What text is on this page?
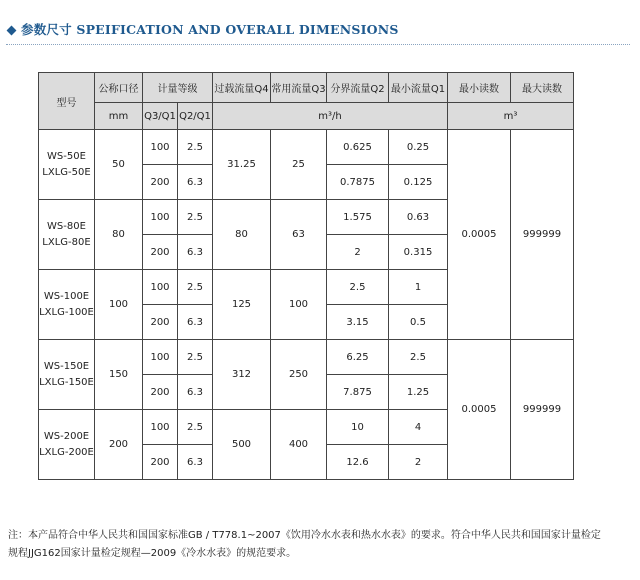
参数尺寸 SPEIFICATION AND OVERALL DIMENSIONS
型号	公称口径	计量等级		过载流量Q4	常用流量Q3	分界流量Q2	最小流量Q1	最小读数	最大读数
	mm	Q3/Q1	Q2/Q1	m³/h				m³	

WS-50E
LXLG-50E	50	100	2.5	31.25	25	0.625	0.25	0.0005	999999
		200	6.3			0.7875	0.125		

WS-80E
LXLG-80E	80	100	2.5	80	63	1.575	0.63		
		200	6.3			2	0.315		

WS-100E
LXLG-100E	100	100	2.5	125	100	2.5	1		
		200	6.3			3.15	0.5		

WS-150E
LXLG-150E	150	100	2.5	312	250	6.25	2.5	0.0005	999999
		200	6.3			7.875	1.25		

WS-200E
LXLG-200E	200	100	2.5	500	400	10	4		
		200	6.3			12.6	2		
注：本产品符合中华人民共和国国家标准GB / T778.1~2007《饮用冷水水表和热水水表》的要求。符合中华人民共和国国家计量检定
规程JJG162国家计量检定规程—2009《冷水水表》的规范要求。
